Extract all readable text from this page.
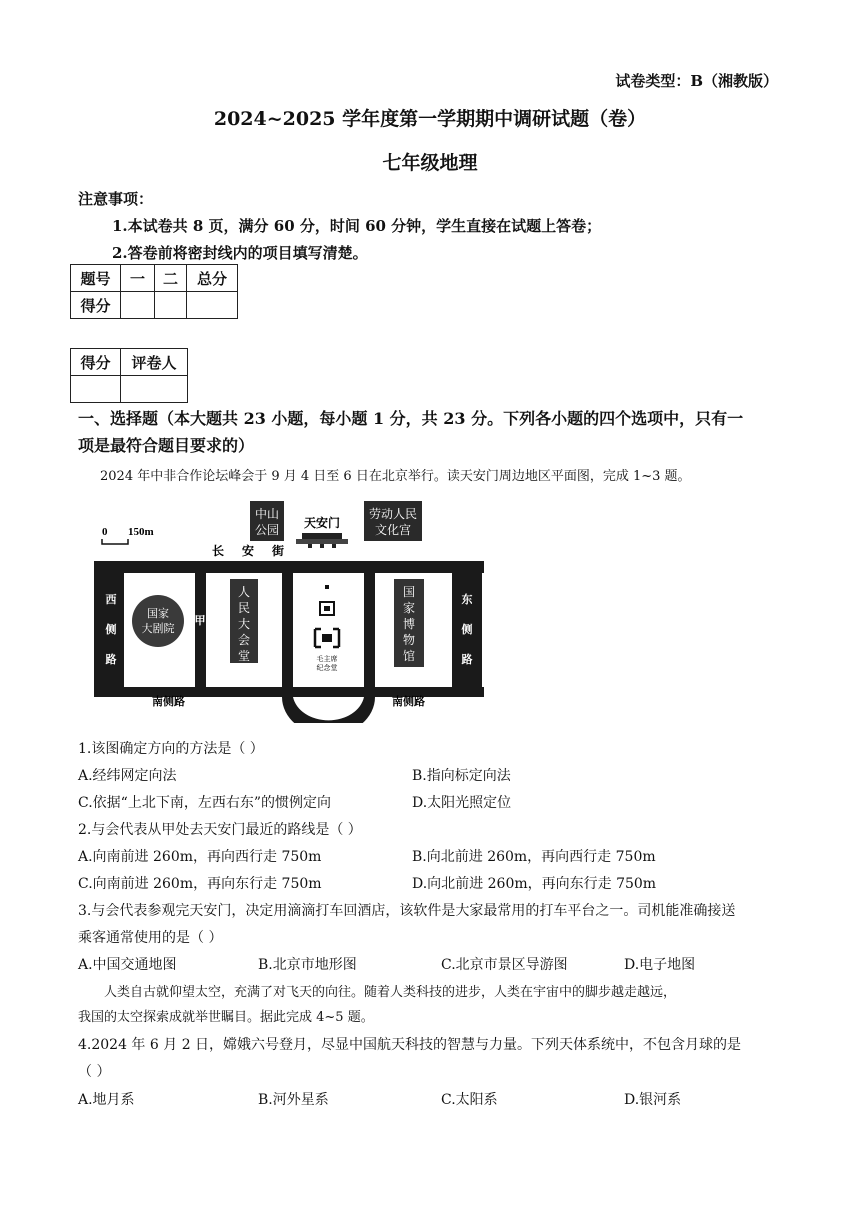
试卷类型：B（湘教版）
2024~2025 学年度第一学期期中调研试题（卷）
七年级地理
注意事项：
1.本试卷共 8 页，满分 60 分，时间 60 分钟，学生直接在试题上答卷；
2.答卷前将密封线内的项目填写清楚。
题号	一	二	总分
得分			
得分	评卷人

一、选择题（本大题共 23 小题，每小题 1 分，共 23 分。下列各小题的四个选项中，只有一
项是最符合题目要求的）
2024 年中非合作论坛峰会于 9 月 4 日至 6 日在北京举行。读天安门周边地区平面图，完成 1~3 题。
0 150m
中山
公园 天安门
劳动人民
文化宫
长 安 街
西
侧
路
东
侧
路
国家
大剧院
甲
人
民
大
会
堂	毛主席
纪念堂
国
家
博
物
馆
南侧路	南侧路
1.该图确定方向的方法是（ ）
A.经纬网定向法	B.指向标定向法
C.依据“上北下南，左西右东”的惯例定向	D.太阳光照定位
2.与会代表从甲处去天安门最近的路线是（ ）
A.向南前进 260m，再向西行走 750m	B.向北前进 260m，再向西行走 750m
C.向南前进 260m，再向东行走 750m	D.向北前进 260m，再向东行走 750m
3.与会代表参观完天安门，决定用滴滴打车回酒店，该软件是大家最常用的打车平台之一。司机能准确接送
乘客通常使用的是（ ）
A.中国交通地图	B.北京市地形图	C.北京市景区导游图	D.电子地图
人类自古就仰望太空，充满了对飞天的向往。随着人类科技的进步，人类在宇宙中的脚步越走越远，
我国的太空探索成就举世瞩目。据此完成 4~5 题。
4.2024 年 6 月 2 日，嫦娥六号登月，尽显中国航天科技的智慧与力量。下列天体系统中，不包含月球的是
（ ）
A.地月系	B.河外星系	C.太阳系	D.银河系
